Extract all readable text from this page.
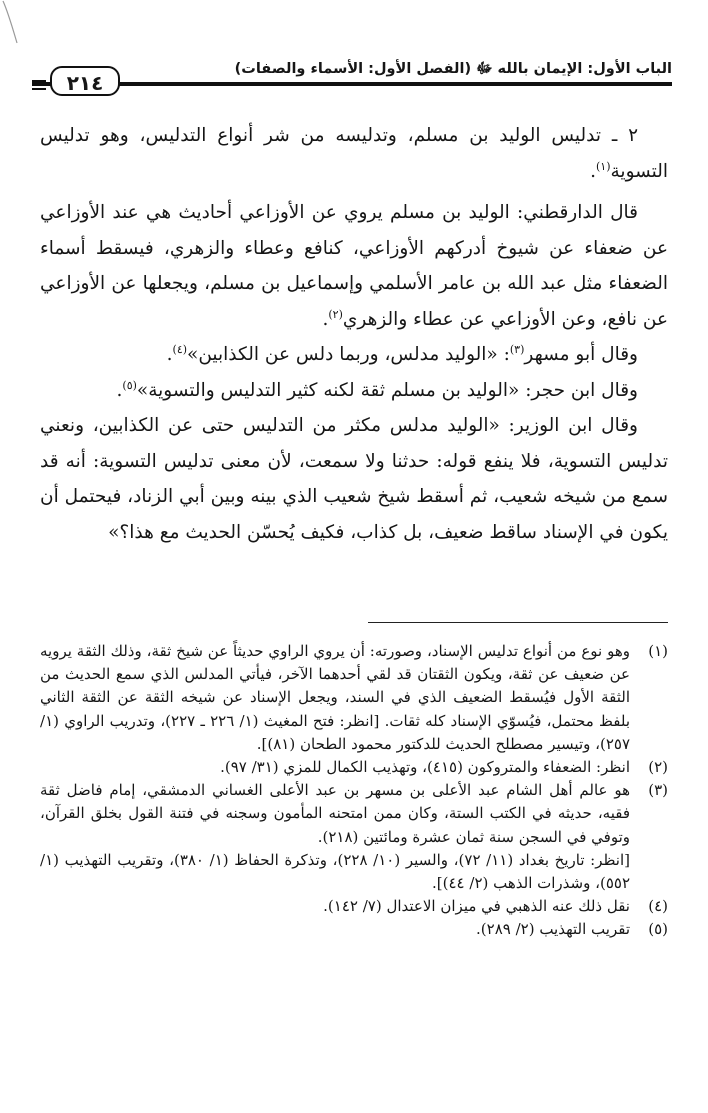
الباب الأول: الإيمان بالله ﷻ (الفصل الأول: الأسماء والصفات)
٢١٤

٢ ـ تدليس الوليد بن مسلم، وتدليسه من شر أنواع التدليس، وهو تدليس التسوية$^{(١)}$.

قال الدارقطني: الوليد بن مسلم يروي عن الأوزاعي أحاديث هي عند الأوزاعي عن ضعفاء عن شيوخ أدركهم الأوزاعي، كنافع وعطاء والزهري، فيسقط أسماء الضعفاء مثل عبد الله بن عامر الأسلمي وإسماعيل بن مسلم، ويجعلها عن الأوزاعي عن نافع، وعن الأوزاعي عن عطاء والزهري$^{(٢)}$.

وقال أبو مسهر$^{(٣)}$: «الوليد مدلس، وربما دلس عن الكذابين»$^{(٤)}$.

وقال ابن حجر: «الوليد بن مسلم ثقة لكنه كثير التدليس والتسوية»$^{(٥)}$.

وقال ابن الوزير: «الوليد مدلس مكثر من التدليس حتى عن الكذابين، ونعني تدليس التسوية، فلا ينفع قوله: حدثنا ولا سمعت، لأن معنى تدليس التسوية: أنه قد سمع من شيخه شعيب، ثم أسقط شيخ شعيب الذي بينه وبين أبي الزناد، فيحتمل أن يكون في الإسناد ساقط ضعيف، بل كذاب، فكيف يُحسّن الحديث مع هذا؟»

(١)

وهو نوع من أنواع تدليس الإسناد، وصورته: أن يروي الراوي حديثاً عن شيخ ثقة، وذلك الثقة يرويه عن ضعيف عن ثقة، ويكون الثقتان قد لقي أحدهما الآخر، فيأتي المدلس الذي سمع الحديث من الثقة الأول فيُسقط الضعيف الذي في السند، ويجعل الإسناد عن شيخه الثقة عن الثقة الثاني بلفظ محتمل، فيُسوّي الإسناد كله ثقات. [انظر: فتح المغيث (١/ ٢٢٦ ـ ٢٢٧)، وتدريب الراوي (١/ ٢٥٧)، وتيسير مصطلح الحديث للدكتور محمود الطحان (٨١)].

(٢)

انظر: الضعفاء والمتروكون (٤١٥)، وتهذيب الكمال للمزي (٣١/ ٩٧).

(٣)

هو عالم أهل الشام عبد الأعلى بن مسهر بن عبد الأعلى الغساني الدمشقي، إمام فاضل ثقة فقيه، حديثه في الكتب الستة، وكان ممن امتحنه المأمون وسجنه في فتنة القول بخلق القرآن، وتوفي في السجن سنة ثمان عشرة ومائتين (٢١٨).

[انظر: تاريخ بغداد (١١/ ٧٢)، والسير (١٠/ ٢٢٨)، وتذكرة الحفاظ (١/ ٣٨٠)، وتقريب التهذيب (١/ ٥٥٢)، وشذرات الذهب (٢/ ٤٤)].

(٤)

نقل ذلك عنه الذهبي في ميزان الاعتدال (٧/ ١٤٢).

(٥)

تقريب التهذيب (٢/ ٢٨٩).
